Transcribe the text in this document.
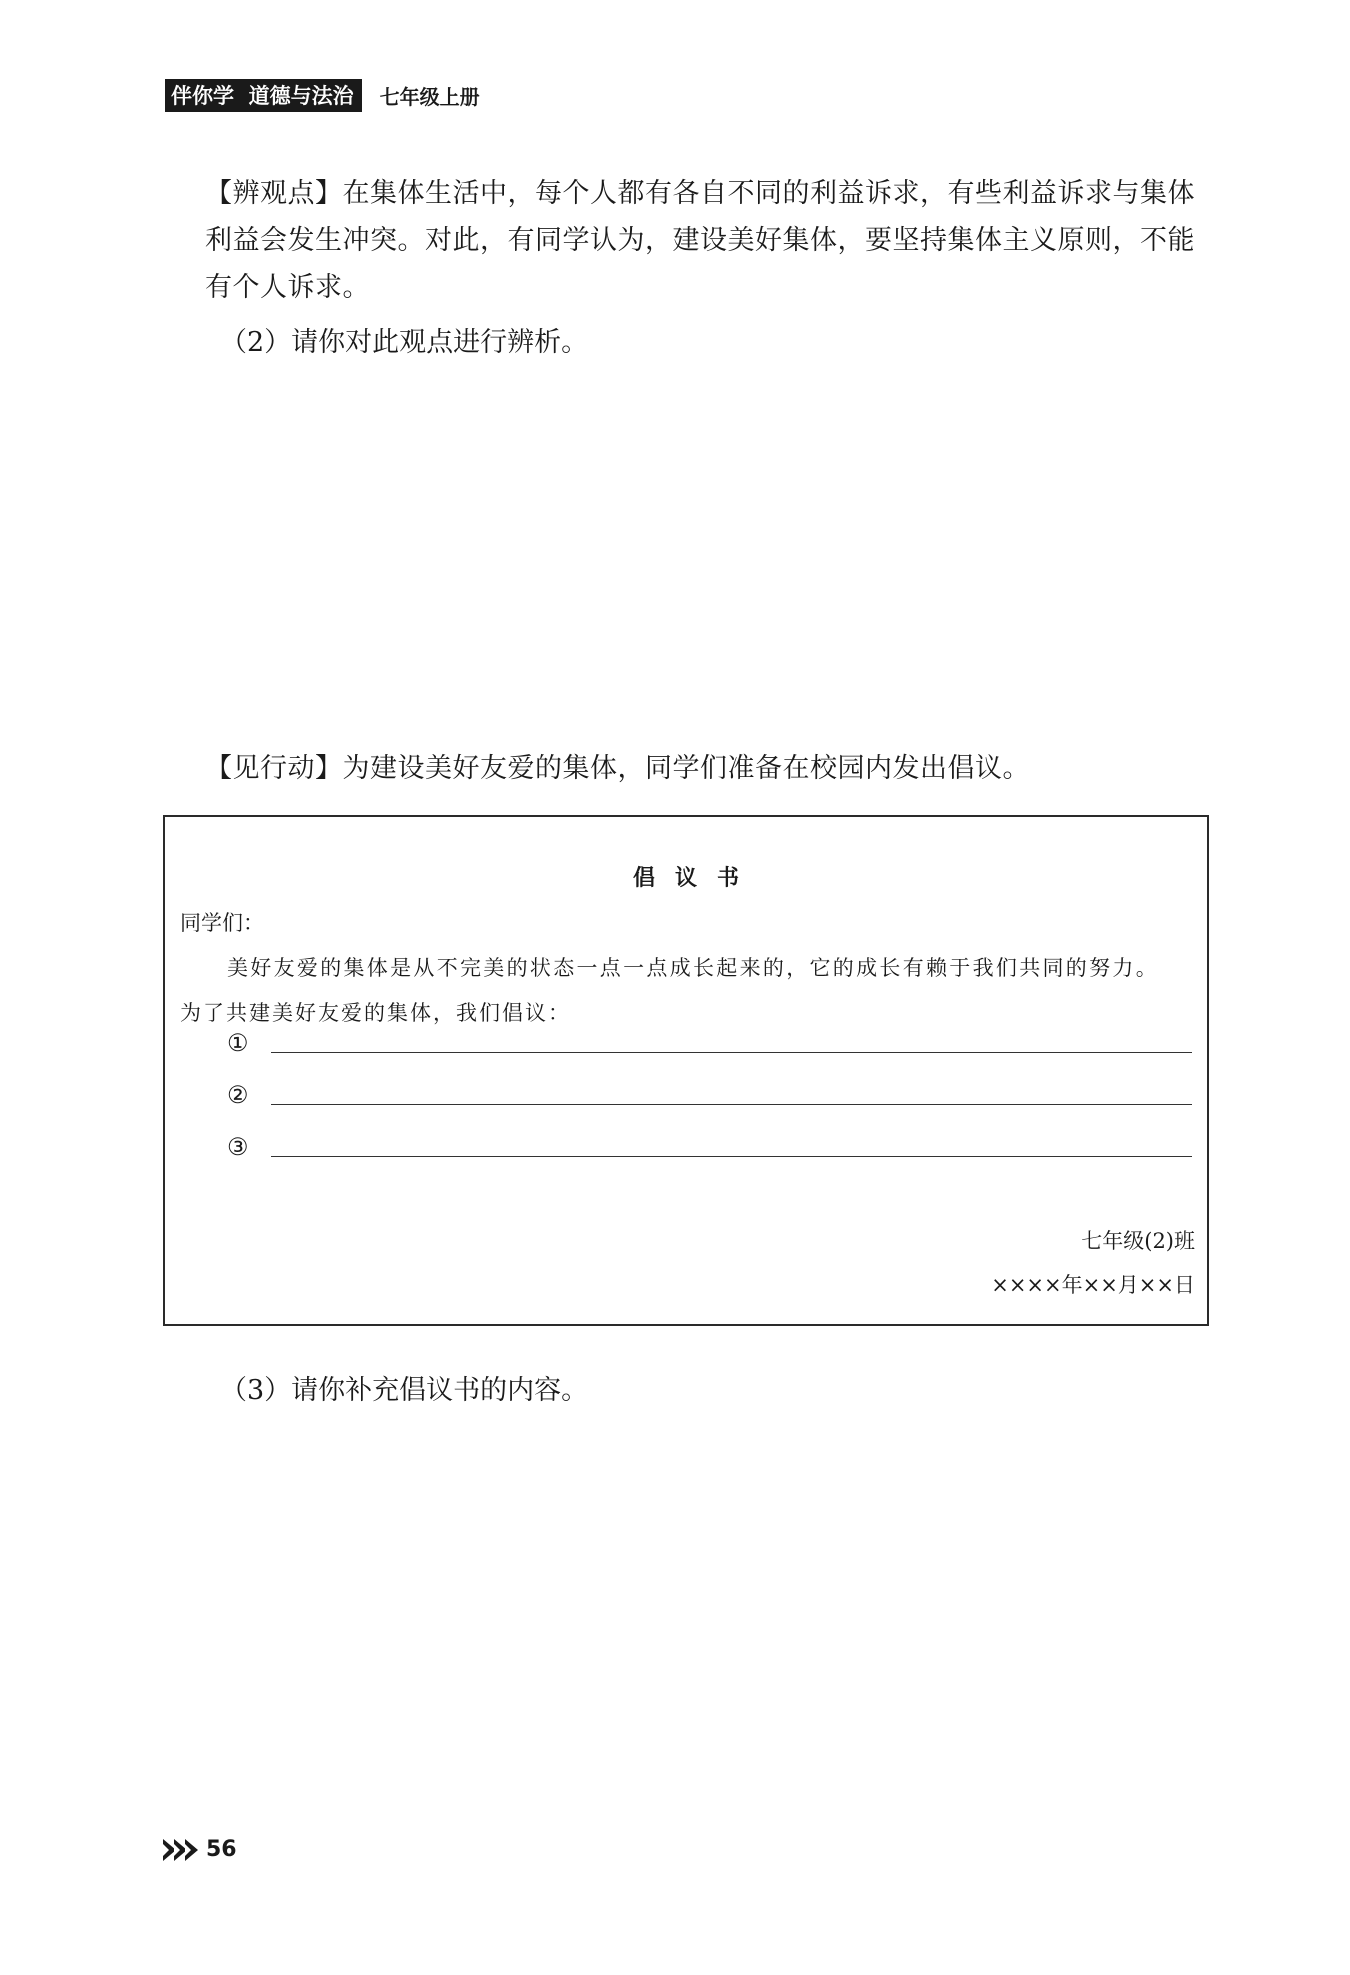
伴你学  道德与法治	七年级上册
【辨观点】在集体生活中，每个人都有各自不同的利益诉求，有些利益诉求与集体利益会发生冲突。对此，有同学认为，建设美好集体，要坚持集体主义原则，不能有个人诉求。
（2）请你对此观点进行辨析。
【见行动】为建设美好友爱的集体，同学们准备在校园内发出倡议。
倡议书
同学们：
美好友爱的集体是从不完美的状态一点一点成长起来的，它的成长有赖于我们共同的努力。
为了共建美好友爱的集体，我们倡议：
①
②
③
七年级(2)班
××××年××月××日
（3）请你补充倡议书的内容。
56
